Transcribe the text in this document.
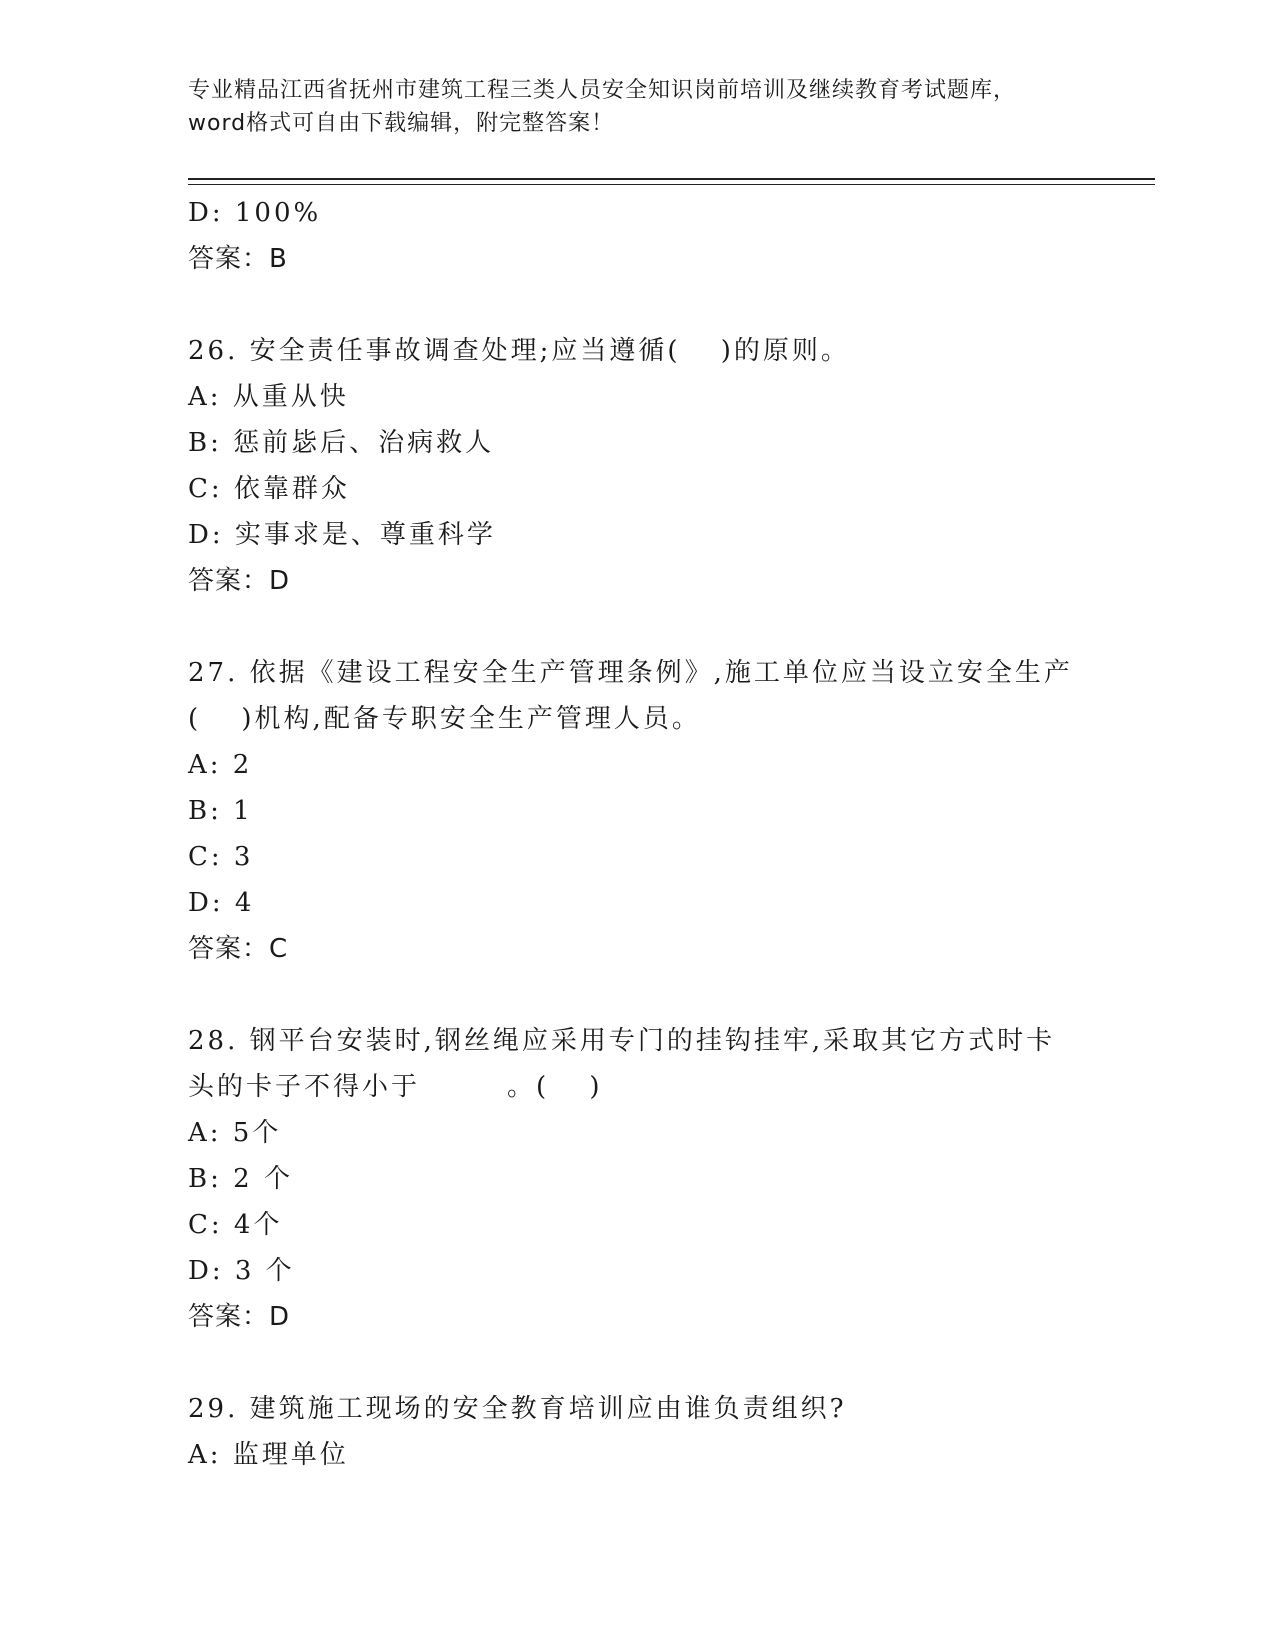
专业精品江西省抚州市建筑工程三类人员安全知识岗前培训及继续教育考试题库，
word格式可自由下载编辑，附完整答案！
D: 100%
答案：B
26. 安全责任事故调查处理;应当遵循(　 )的原则。
A: 从重从快
B: 惩前毖后、治病救人
C: 依靠群众
D: 实事求是、尊重科学
答案：D
27. 依据《建设工程安全生产管理条例》,施工单位应当设立安全生产
(　 )机构,配备专职安全生产管理人员。
A: 2
B: 1
C: 3
D: 4
答案：C
28. 钢平台安装时,钢丝绳应采用专门的挂钩挂牢,采取其它方式时卡
头的卡子不得小于　　　。(　 )
A: 5个
B: 2 个
C: 4个
D: 3 个
答案：D
29. 建筑施工现场的安全教育培训应由谁负责组织?
A: 监理单位
